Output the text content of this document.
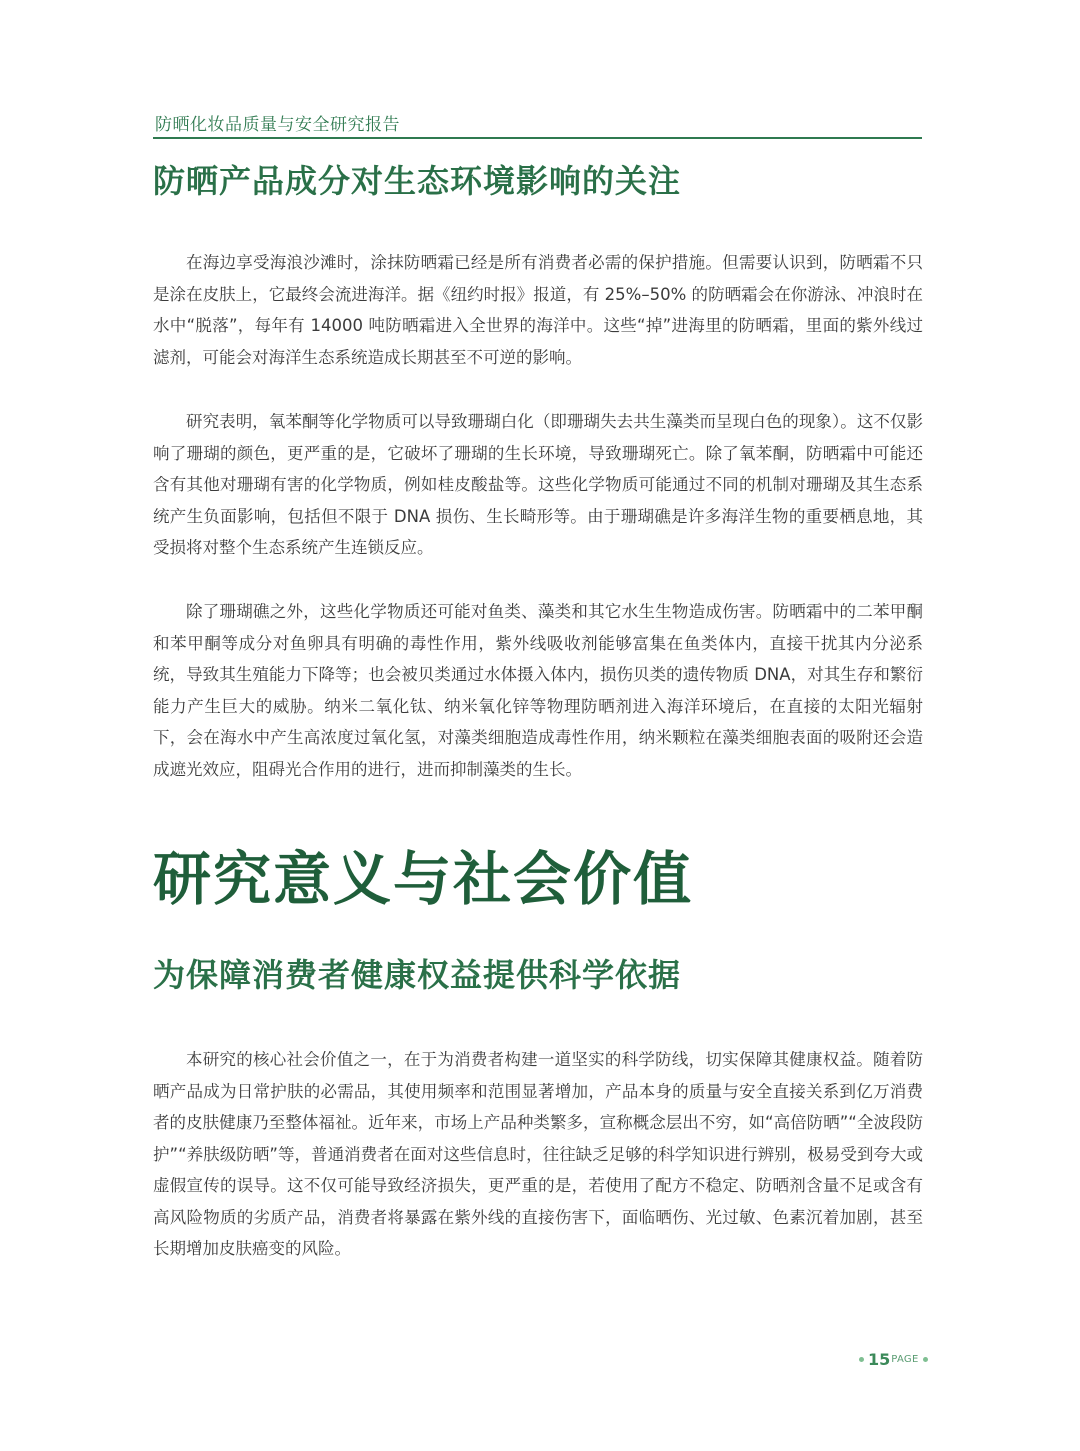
防晒化妆品质量与安全研究报告
防晒产品成分对生态环境影响的关注

在海边享受海浪沙滩时，涂抹防晒霜已经是所有消费者必需的保护措施。但需要认识到，防晒霜不只是涂在皮肤上，它最终会流进海洋。据《纽约时报》报道，有 25%–50% 的防晒霜会在你游泳、冲浪时在水中“脱落”，每年有 14000 吨防晒霜进入全世界的海洋中。这些“掉”进海里的防晒霜，里面的紫外线过滤剂，可能会对海洋生态系统造成长期甚至不可逆的影响。

研究表明，氧苯酮等化学物质可以导致珊瑚白化（即珊瑚失去共生藻类而呈现白色的现象）。这不仅影响了珊瑚的颜色，更严重的是，它破坏了珊瑚的生长环境，导致珊瑚死亡。除了氧苯酮，防晒霜中可能还含有其他对珊瑚有害的化学物质，例如桂皮酸盐等。这些化学物质可能通过不同的机制对珊瑚及其生态系统产生负面影响，包括但不限于 DNA 损伤、生长畸形等。由于珊瑚礁是许多海洋生物的重要栖息地，其受损将对整个生态系统产生连锁反应。

除了珊瑚礁之外，这些化学物质还可能对鱼类、藻类和其它水生生物造成伤害。防晒霜中的二苯甲酮和苯甲酮等成分对鱼卵具有明确的毒性作用，紫外线吸收剂能够富集在鱼类体内，直接干扰其内分泌系统，导致其生殖能力下降等；也会被贝类通过水体摄入体内，损伤贝类的遗传物质 DNA，对其生存和繁衍能力产生巨大的威胁。纳米二氧化钛、纳米氧化锌等物理防晒剂进入海洋环境后，在直接的太阳光辐射下，会在海水中产生高浓度过氧化氢，对藻类细胞造成毒性作用，纳米颗粒在藻类细胞表面的吸附还会造成遮光效应，阻碍光合作用的进行，进而抑制藻类的生长。

研究意义与社会价值
为保障消费者健康权益提供科学依据

本研究的核心社会价值之一，在于为消费者构建一道坚实的科学防线，切实保障其健康权益。随着防晒产品成为日常护肤的必需品，其使用频率和范围显著增加，产品本身的质量与安全直接关系到亿万消费者的皮肤健康乃至整体福祉。近年来，市场上产品种类繁多，宣称概念层出不穷，如“高倍防晒”“全波段防护”“养肤级防晒”等，普通消费者在面对这些信息时，往往缺乏足够的科学知识进行辨别，极易受到夸大或虚假宣传的误导。这不仅可能导致经济损失，更严重的是，若使用了配方不稳定、防晒剂含量不足或含有高风险物质的劣质产品，消费者将暴露在紫外线的直接伤害下，面临晒伤、光过敏、色素沉着加剧，甚至长期增加皮肤癌变的风险。

15 PAGE
